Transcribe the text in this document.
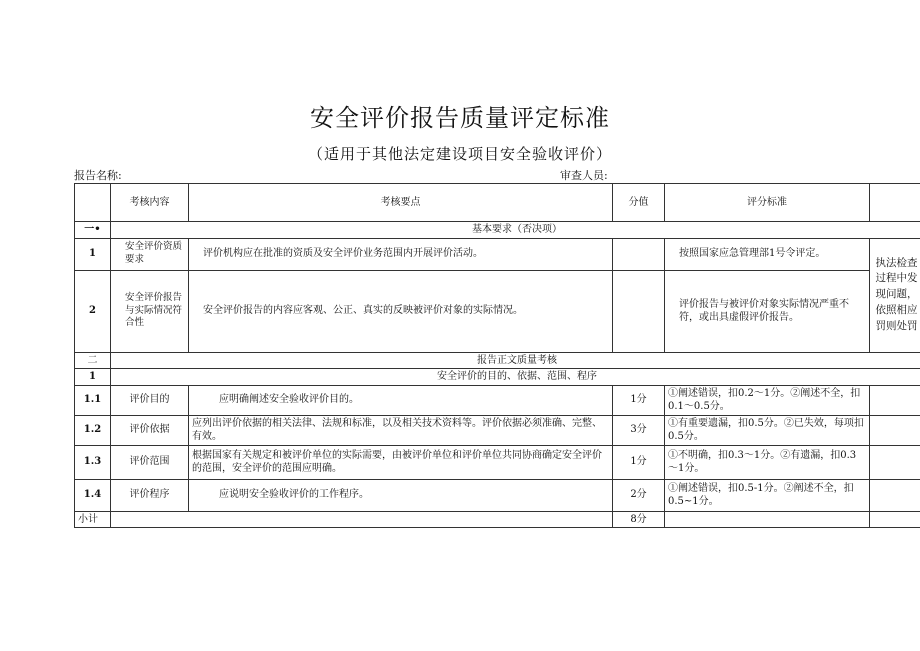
安全评价报告质量评定标准
（适用于其他法定建设项目安全验收评价）
报告名称:	审查人员:
	考核内容	考核要点	分值	评分标准	
一•	基本要求（否决项）				
1	安全评价资质要求	评价机构应在批准的资质及安全评价业务范围内开展评价活动。		按照国家应急管理部1号令评定。	执法检查过程中发现问题，依照相应罚则处罚
2	安全评价报告与实际情况符合性	安全评价报告的内容应客观、公正、真实的反映被评价对象的实际情况。		评价报告与被评价对象实际情况严重不符，或出具虚假评价报告。	
二	报告正文质量考核				
1	安全评价的目的、依据、范围、程序				
1.1	评价目的	应明确阐述安全验收评价目的。	1分	①阐述错误，扣0.2～1分。②阐述不全，扣0.1～0.5分。	
1.2	评价依据	应列出评价依据的相关法律、法规和标准，以及相关技术资料等。评价依据必须准确、完整、有效。	3分	①有重要遗漏，扣0.5分。②已失效，每项扣0.5分。	
1.3	评价范围	根据国家有关规定和被评价单位的实际需要，由被评价单位和评价单位共同协商确定安全评价的范围，安全评价的范围应明确。	1分	①不明确，扣0.3～1分。②有遗漏，扣0.3～1分。	
1.4	评价程序	应说明安全验收评价的工作程序。	2分	①阐述错误，扣0.5-1分。②阐述不全，扣0.5~1分。	
小计			8分		
